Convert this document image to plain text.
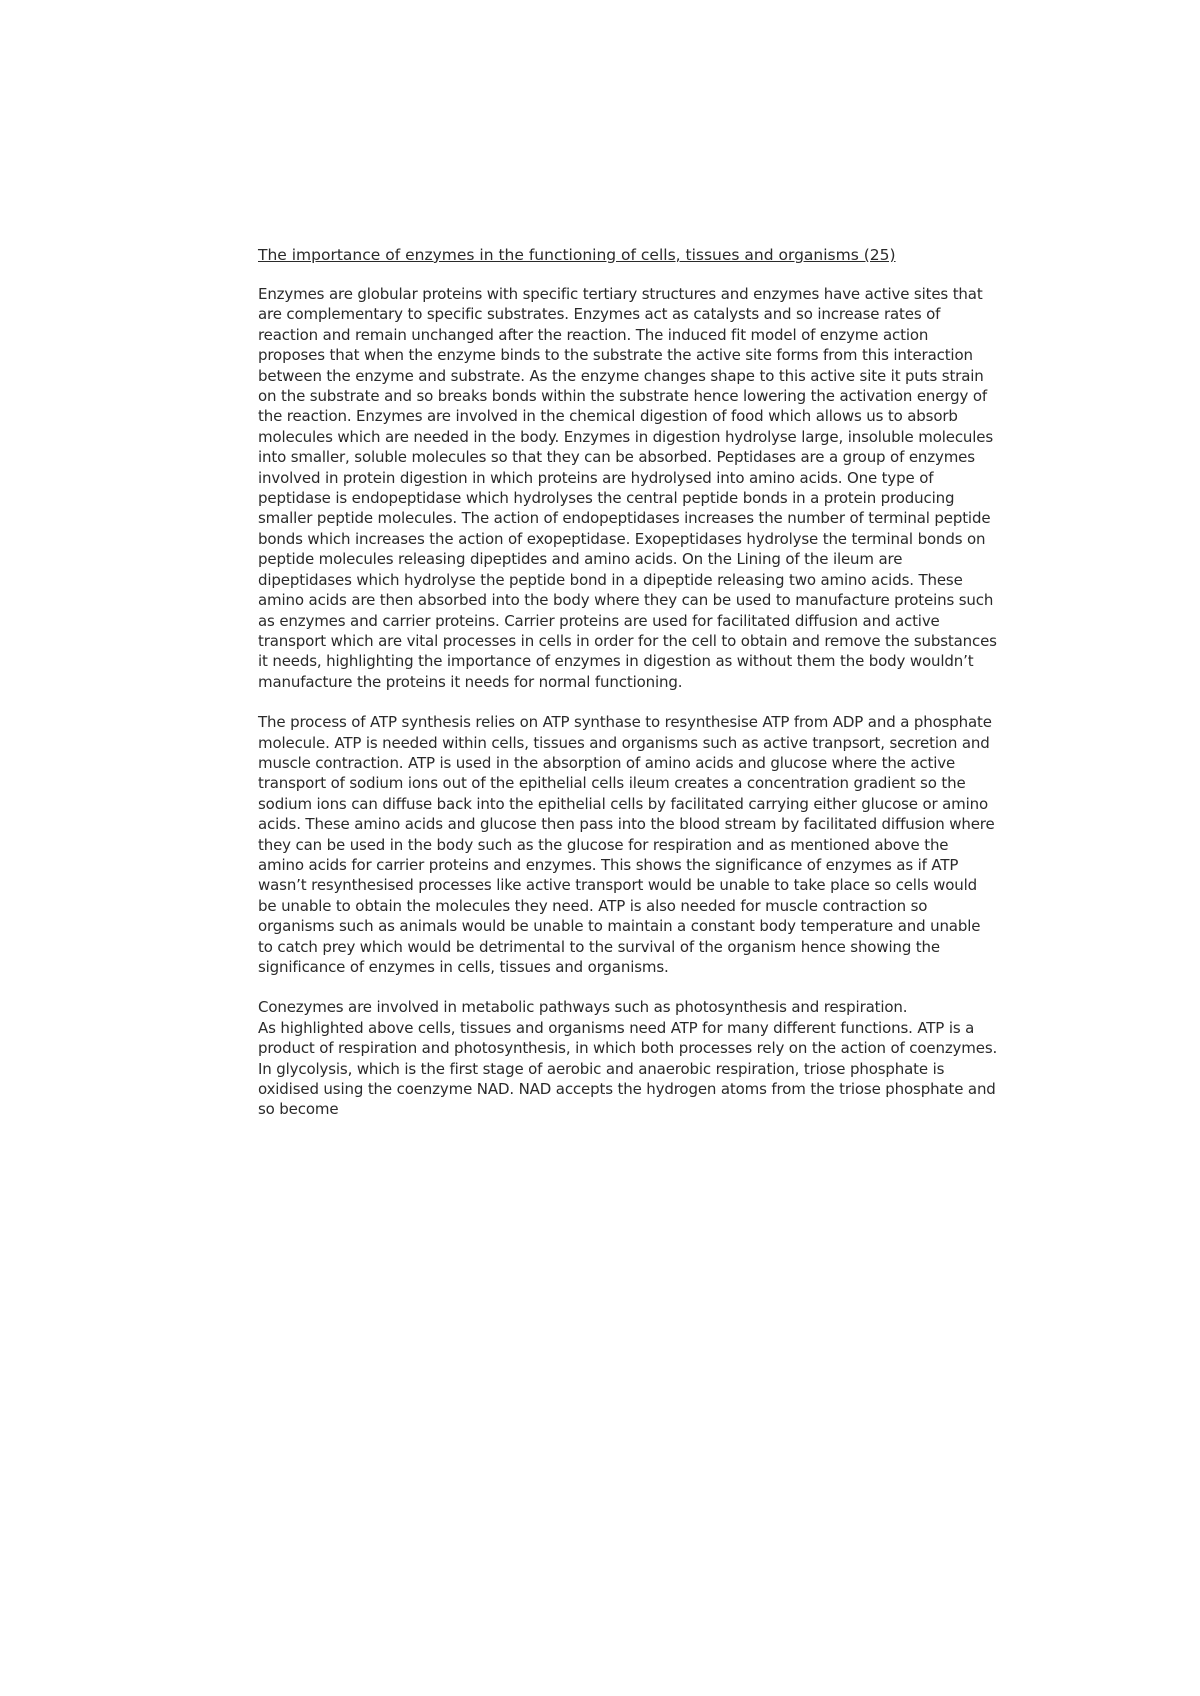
The importance of enzymes in the functioning of cells, tissues and organisms (25)

Enzymes are globular proteins with specific tertiary structures and enzymes have active sites that are complementary to specific substrates. Enzymes act as catalysts and so increase rates of reaction and remain unchanged after the reaction. The induced fit model of enzyme action proposes that when the enzyme binds to the substrate the active site forms from this interaction between the enzyme and substrate. As the enzyme changes shape to this active site it puts strain on the substrate and so breaks bonds within the substrate hence lowering the activation energy of the reaction. Enzymes are involved in the chemical digestion of food which allows us to absorb molecules which are needed in the body. Enzymes in digestion hydrolyse large, insoluble molecules into smaller, soluble molecules so that they can be absorbed. Peptidases are a group of enzymes involved in protein digestion in which proteins are hydrolysed into amino acids. One type of peptidase is endopeptidase which hydrolyses the central peptide bonds in a protein producing smaller peptide molecules. The action of endopeptidases increases the number of terminal peptide bonds which increases the action of exopeptidase. Exopeptidases hydrolyse the terminal bonds on peptide molecules releasing dipeptides and amino acids. On the Lining of the ileum are dipeptidases which hydrolyse the peptide bond in a dipeptide releasing two amino acids. These amino acids are then absorbed into the body where they can be used to manufacture proteins such as enzymes and carrier proteins. Carrier proteins are used for facilitated diffusion and active transport which are vital processes in cells in order for the cell to obtain and remove the substances it needs, highlighting the importance of enzymes in digestion as without them the body wouldn’t manufacture the proteins it needs for normal functioning.

The process of ATP synthesis relies on ATP synthase to resynthesise ATP from ADP and a phosphate molecule. ATP is needed within cells, tissues and organisms such as active tranpsort, secretion and muscle contraction. ATP is used in the absorption of amino acids and glucose where the active transport of sodium ions out of the epithelial cells ileum creates a concentration gradient so the sodium ions can diffuse back into the epithelial cells by facilitated carrying either glucose or amino acids. These amino acids and glucose then pass into the blood stream by facilitated diffusion where they can be used in the body such as the glucose for respiration and as mentioned above the amino acids for carrier proteins and enzymes. This shows the significance of enzymes as if ATP wasn’t resynthesised processes like active transport would be unable to take place so cells would be unable to obtain the molecules they need. ATP is also needed for muscle contraction so organisms such as animals would be unable to maintain a constant body temperature and unable to catch prey which would be detrimental to the survival of the organism hence showing the significance of enzymes in cells, tissues and organisms.

Conezymes are involved in metabolic pathways such as photosynthesis and respiration.

As highlighted above cells, tissues and organisms need ATP for many different functions. ATP is a product of respiration and photosynthesis, in which both processes rely on the action of coenzymes. In glycolysis, which is the first stage of aerobic and anaerobic respiration, triose phosphate is oxidised using the coenzyme NAD. NAD accepts the hydrogen atoms from the triose phosphate and so become
